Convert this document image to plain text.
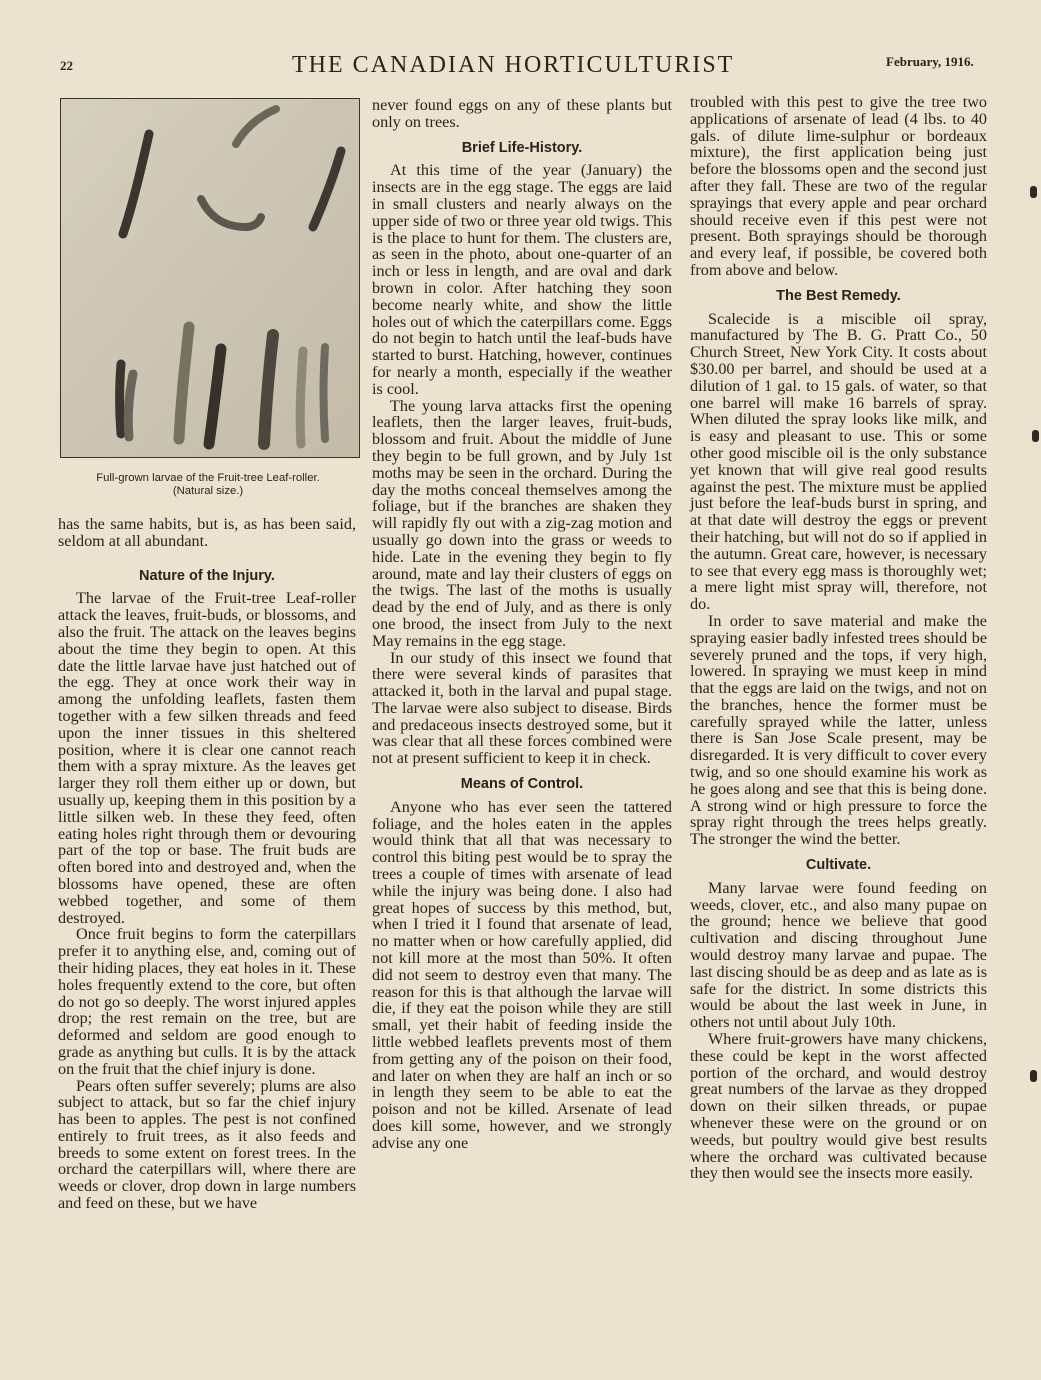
22	THE CANADIAN HORTICULTURIST	February, 1916.
Full-grown larvae of the Fruit-tree Leaf-roller.
(Natural size.)

has the same habits, but is, as has been said, seldom at all abundant.

Nature of the Injury.

The larvae of the Fruit-tree Leaf-roller attack the leaves, fruit-buds, or blossoms, and also the fruit. The attack on the leaves begins about the time they begin to open. At this date the little larvae have just hatched out of the egg. They at once work their way in among the unfolding leaflets, fasten them together with a few silken threads and feed upon the inner tissues in this sheltered position, where it is clear one cannot reach them with a spray mixture. As the leaves get larger they roll them either up or down, but usually up, keeping them in this position by a little silken web. In these they feed, often eating holes right through them or devouring part of the top or base. The fruit buds are often bored into and destroyed and, when the blossoms have opened, these are often webbed together, and some of them destroyed.

Once fruit begins to form the caterpillars prefer it to anything else, and, coming out of their hiding places, they eat holes in it. These holes frequently extend to the core, but often do not go so deeply. The worst injured apples drop; the rest remain on the tree, but are deformed and seldom are good enough to grade as anything but culls. It is by the attack on the fruit that the chief injury is done.

Pears often suffer severely; plums are also subject to attack, but so far the chief injury has been to apples. The pest is not confined entirely to fruit trees, as it also feeds and breeds to some extent on forest trees. In the orchard the caterpillars will, where there are weeds or clover, drop down in large numbers and feed on these, but we have

never found eggs on any of these plants but only on trees.

Brief Life-History.

At this time of the year (January) the insects are in the egg stage. The eggs are laid in small clusters and nearly always on the upper side of two or three year old twigs. This is the place to hunt for them. The clusters are, as seen in the photo, about one-quarter of an inch or less in length, and are oval and dark brown in color. After hatching they soon become nearly white, and show the little holes out of which the caterpillars come. Eggs do not begin to hatch until the leaf-buds have started to burst. Hatching, however, continues for nearly a month, especially if the weather is cool.

The young larva attacks first the opening leaflets, then the larger leaves, fruit-buds, blossom and fruit. About the middle of June they begin to be full grown, and by July 1st moths may be seen in the orchard. During the day the moths conceal themselves among the foliage, but if the branches are shaken they will rapidly fly out with a zig-zag motion and usually go down into the grass or weeds to hide. Late in the evening they begin to fly around, mate and lay their clusters of eggs on the twigs. The last of the moths is usually dead by the end of July, and as there is only one brood, the insect from July to the next May remains in the egg stage.

In our study of this insect we found that there were several kinds of parasites that attacked it, both in the larval and pupal stage. The larvae were also subject to disease. Birds and predaceous insects destroyed some, but it was clear that all these forces combined were not at present sufficient to keep it in check.

Means of Control.

Anyone who has ever seen the tattered foliage, and the holes eaten in the apples would think that all that was necessary to control this biting pest would be to spray the trees a couple of times with arsenate of lead while the injury was being done. I also had great hopes of success by this method, but, when I tried it I found that arsenate of lead, no matter when or how carefully applied, did not kill more at the most than 50%. It often did not seem to destroy even that many. The reason for this is that although the larvae will die, if they eat the poison while they are still small, yet their habit of feeding inside the little webbed leaflets prevents most of them from getting any of the poison on their food, and later on when they are half an inch or so in length they seem to be able to eat the poison and not be killed. Arsenate of lead does kill some, however, and we strongly advise any one

troubled with this pest to give the tree two applications of arsenate of lead (4 lbs. to 40 gals. of dilute lime-sulphur or bordeaux mixture), the first application being just before the blossoms open and the second just after they fall. These are two of the regular sprayings that every apple and pear orchard should receive even if this pest were not present. Both sprayings should be thorough and every leaf, if possible, be covered both from above and below.

The Best Remedy.

Scalecide is a miscible oil spray, manufactured by The B. G. Pratt Co., 50 Church Street, New York City. It costs about $30.00 per barrel, and should be used at a dilution of 1 gal. to 15 gals. of water, so that one barrel will make 16 barrels of spray. When diluted the spray looks like milk, and is easy and pleasant to use. This or some other good miscible oil is the only substance yet known that will give real good results against the pest. The mixture must be applied just before the leaf-buds burst in spring, and at that date will destroy the eggs or prevent their hatching, but will not do so if applied in the autumn. Great care, however, is necessary to see that every egg mass is thoroughly wet; a mere light mist spray will, therefore, not do.

In order to save material and make the spraying easier badly infested trees should be severely pruned and the tops, if very high, lowered. In spraying we must keep in mind that the eggs are laid on the twigs, and not on the branches, hence the former must be carefully sprayed while the latter, unless there is San Jose Scale present, may be disregarded. It is very difficult to cover every twig, and so one should examine his work as he goes along and see that this is being done. A strong wind or high pressure to force the spray right through the trees helps greatly. The stronger the wind the better.

Cultivate.

Many larvae were found feeding on weeds, clover, etc., and also many pupae on the ground; hence we believe that good cultivation and discing throughout June would destroy many larvae and pupae. The last discing should be as deep and as late as is safe for the district. In some districts this would be about the last week in June, in others not until about July 10th.

Where fruit-growers have many chickens, these could be kept in the worst affected portion of the orchard, and would destroy great numbers of the larvae as they dropped down on their silken threads, or pupae whenever these were on the ground or on weeds, but poultry would give best results where the orchard was cultivated because they then would see the insects more easily.
